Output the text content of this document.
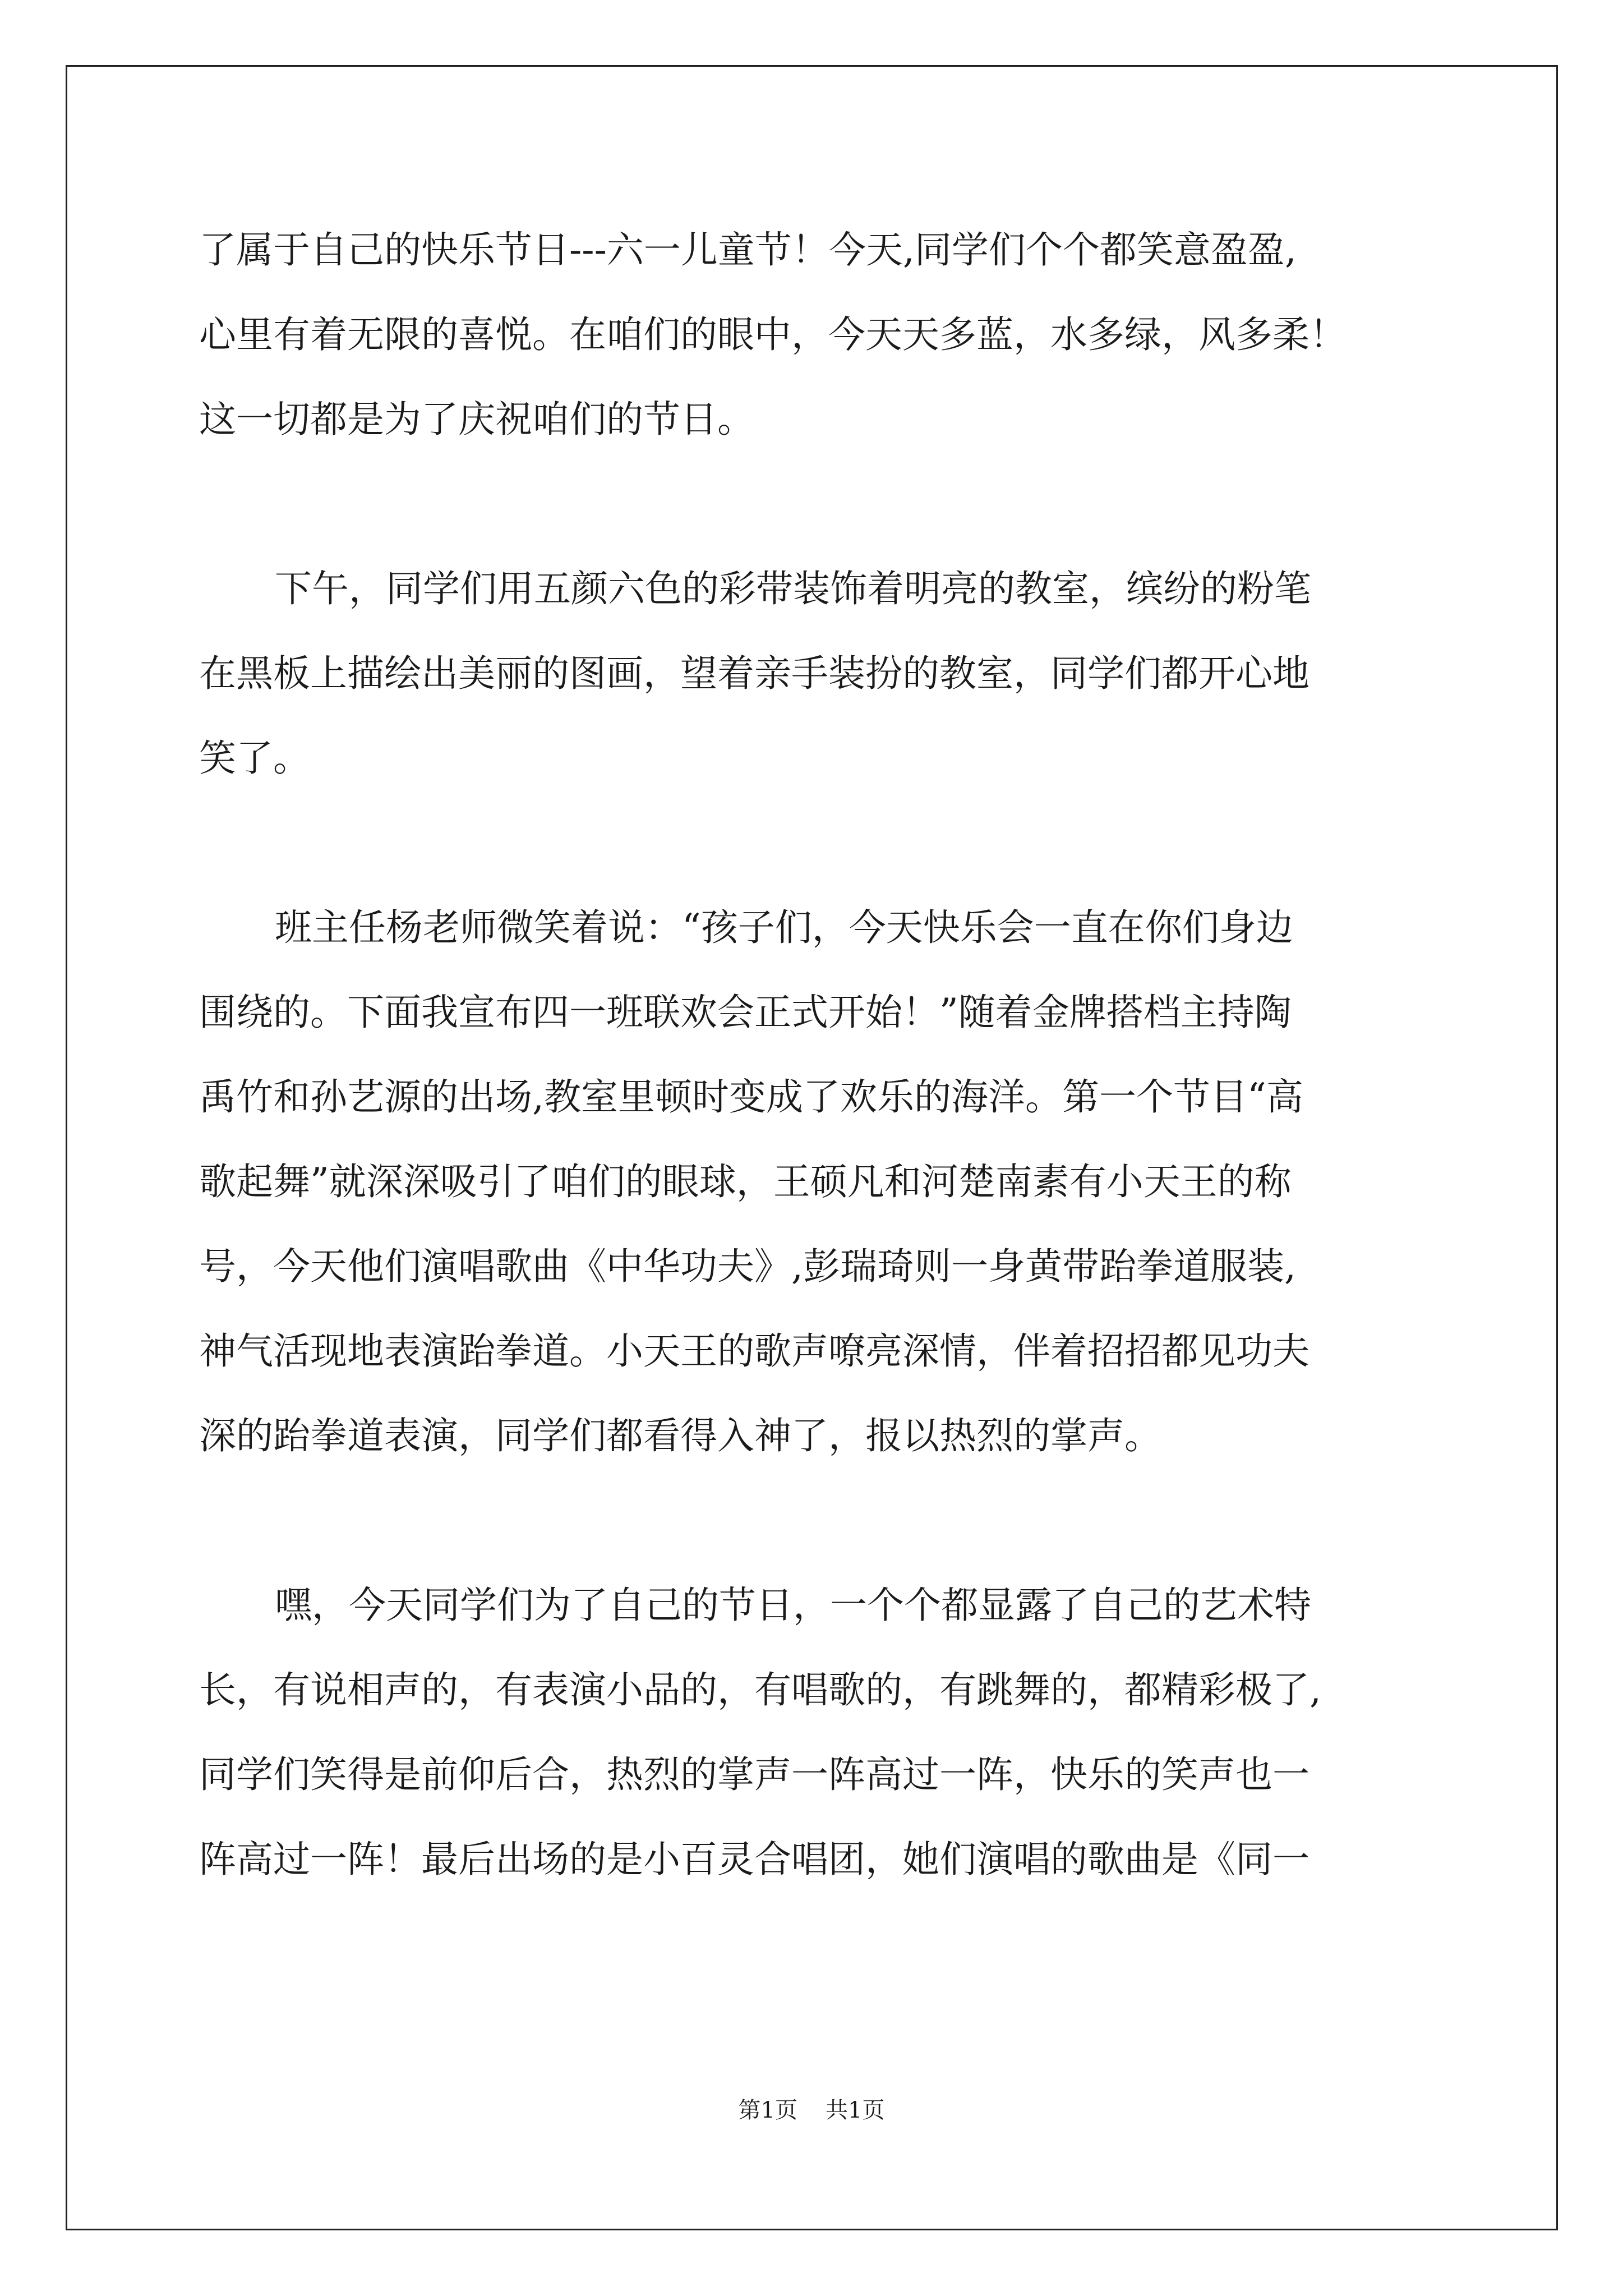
了属于自己的快乐节日---六一儿童节！今天,同学们个个都笑意盈盈,
心里有着无限的喜悦。在咱们的眼中，今天天多蓝，水多绿，风多柔！
这一切都是为了庆祝咱们的节日。
下午，同学们用五颜六色的彩带装饰着明亮的教室，缤纷的粉笔
在黑板上描绘出美丽的图画，望着亲手装扮的教室，同学们都开心地
笑了。
班主任杨老师微笑着说：“孩子们，今天快乐会一直在你们身边
围绕的。下面我宣布四一班联欢会正式开始！”随着金牌搭档主持陶
禹竹和孙艺源的出场,教室里顿时变成了欢乐的海洋。第一个节目“高
歌起舞”就深深吸引了咱们的眼球，王硕凡和河楚南素有小天王的称
号，今天他们演唱歌曲《中华功夫》,彭瑞琦则一身黄带跆拳道服装,
神气活现地表演跆拳道。小天王的歌声嘹亮深情，伴着招招都见功夫
深的跆拳道表演，同学们都看得入神了，报以热烈的掌声。
嘿，今天同学们为了自己的节日，一个个都显露了自己的艺术特
长，有说相声的，有表演小品的，有唱歌的，有跳舞的，都精彩极了,
同学们笑得是前仰后合，热烈的掌声一阵高过一阵，快乐的笑声也一
阵高过一阵！最后出场的是小百灵合唱团，她们演唱的歌曲是《同一
第1页 共1页
